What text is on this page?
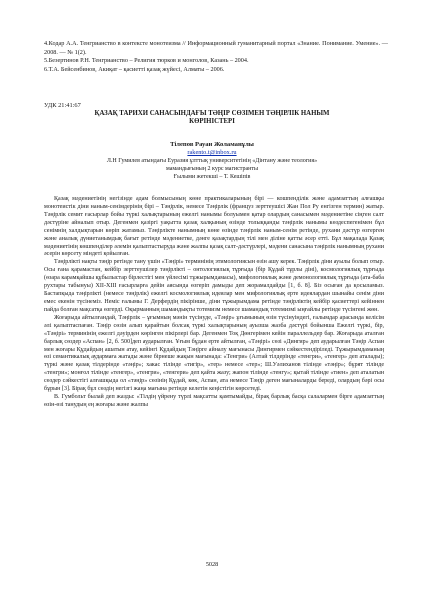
4.Кодар А.А. Тенгрианство в контексте монотеизма // Информационный гуманитарный портал «Знание. Понимание. Умение». — 2008. — № 1(2).

5.Безертинов Р.Н. Тенгрианство – Религия тюрков и монголов, Казань – 2004.

6.Т.А. Бейсенбинов, Акиқат – қасиетті қазақ жүйесі, Алматы – 2006.

УДК 21:41:67
ҚАЗАҚ ТАРИХИ САНАСЫНДАҒЫ ТӘҢІР СӨЗІМЕН ТӘҢІРЛІК НАНЫМ
КӨРІНІСТЕРІ
Тілепов Рауан Жоламанұлы
rakento.t@inbox.ru
Л.Н Гумилев атындағы Еуразия ұлттық университетінің «Дінтану және теология»
мамандығының 2 курс магистранты
Ғылыми жетекші – Т. Кешіпів

Қазақ мәдениетінің негізінде адам болмысының көне практикаларының бірі — кошпенділік және адамзаттың алғашқы монотеистік діни наным-сенімдерінің бірі – Тәңірлік, немесе Тәңірлік (француз зерттеушісі Жан Пол Ру енгізген термин) жатыр. Тәңірлік семит ғасырлар бойы түркі халықтарының ежелгі нанымы болуымен қатар олардың санасымен мәдениетіне сіңген салт дәстүріне айналып отыр. Дегенмен қазіргі уақытта қазақ халқының өзінде толыққанды тәңірлік нанымы көздеспегенімен бұл сенімнің халдықтарын көріп жатамыз. Тәңірлікте нанымның көне өзінде тәңірлік наным-сенім ретінде, рухани дәстүр өзгерген және аналық дүниетанымдық бағыт ретінде мәдениетке, дәнге қазақтардың тілі мен діліне қатты әсер етті. Бұл мақалада Қазақ мәдениетінің көшпенділер әлемін қалыптастыруда және жалпы қазақ салт-дәстүрлері, мәдени санасына тәңірлік нанымның рухани әсерін көрсету міндеті қойылған.

Тәңірлікті нақты тәңір ретінде тану үшін «Тәңірі» терминінің этимологиясын өзін ашу керек. Тәңірлік діни ауылы болып отыр. Осы ғана қарамастан, кейбір зерттеушілер тәңірлікті – онтологиялық тұрғыда (бір Құдай тұрлы діні), космологиялық тұрғыда (өзара карамқайшы құбылыстар бірлестігі мен үйлесімі тұжырымдамасы), мифологиялық және демонологиялық тұрғыда (ата-баба рухтары табынуы) ХІІ-ХІІІ ғасырларға дейін аясында өзгеріп дамыды деп жорамалдайды [1, б. 8]. Біз осыған да қосыламыз. Бастапқыда тәңірлікті (немесе тәңірлік) ежелгі космологиялық идеялар мен мифологиялық ерте идеялардан шынайы сенім діни емес екенін түсінеміз. Неміс ғалымы Г. Дерфердің пікірінше, діни тұжырымдама ретінде тәңірліктің кейбір қасиеттері кейіннен пайда болған мақсатқа өзгерді. Оқырманның шамандықты тотемизм немесе шамандық тотемизмі ыңғайлы ретінде түсінгені жөн.

Жоғарыда айтылғандай, Тәңірлік – ұғымның мәнін түсінуде, «Тәңір» ұғымының өзін түсінуіндегі, ғалымдар арасында келісім әлі қалыптаспаған. Тәңір сөзін алып қарайтын болсақ түркі халықтарының ауызша жазба дәстүрі бойынша Ежелгі түркі, бір, «Тәңірі» терминінің ежелгі дәуірден көрінген пікірлері бар. Дегенмен Тоқ Дөнгерімен кейін параллельдер бар. Жоғарыда аталған барлық сөздер «Аспан» [2, б. 500]деп аударылған. Ұғым бұдан ерте айтылған, «Тәңірі» сөзі «Дингир» деп аударылған Тәңір Аспан мен жоғары Құдайдың ашатын атау, кейінгі Құдайдың Тәңірге айналу мағынасы Дингирмен сәйкестендіріледі. Тұжырымдаманың өзі семантикалық аудармаға жатады және бірнеше жақын мағынада: «Тенгри» (Алтай тілдерінде «тенгри», «тенгер» деп аталады); түркі және қазақ тілдерінде «тәңір»; хакас тілінде «тигір», «тер» немесе «тер»; Ш.Уәлиханов тілінде «тәңір»; бұрят тілінде «тенгри»; монғол тілінде «тенгер», «тенгри», «тенгери» деп қайта жазу; жапон тілінде «тенгу»; қытай тілінде «тиен» деп аталатын сөздер сәйкестігі алғашқыда ол «тәңір» сөзінің Құдай, көк, Аспан, ата немесе Тәңір деген мағыналарды береді, олардың бәрі осы бұрын [3]. Бірақ бұл сөздің негізгі жаңа мағына ретінде келетін кеңістігін көрсетеді.

В. Гумбольт былай деп жазды: «Тілдің үйрену түрлі мақсатты қамтымайды, бірақ барлық басқа салалармен бірге адамзаттың өзін-өзі танудың ең жоғары және жалпы

5028
